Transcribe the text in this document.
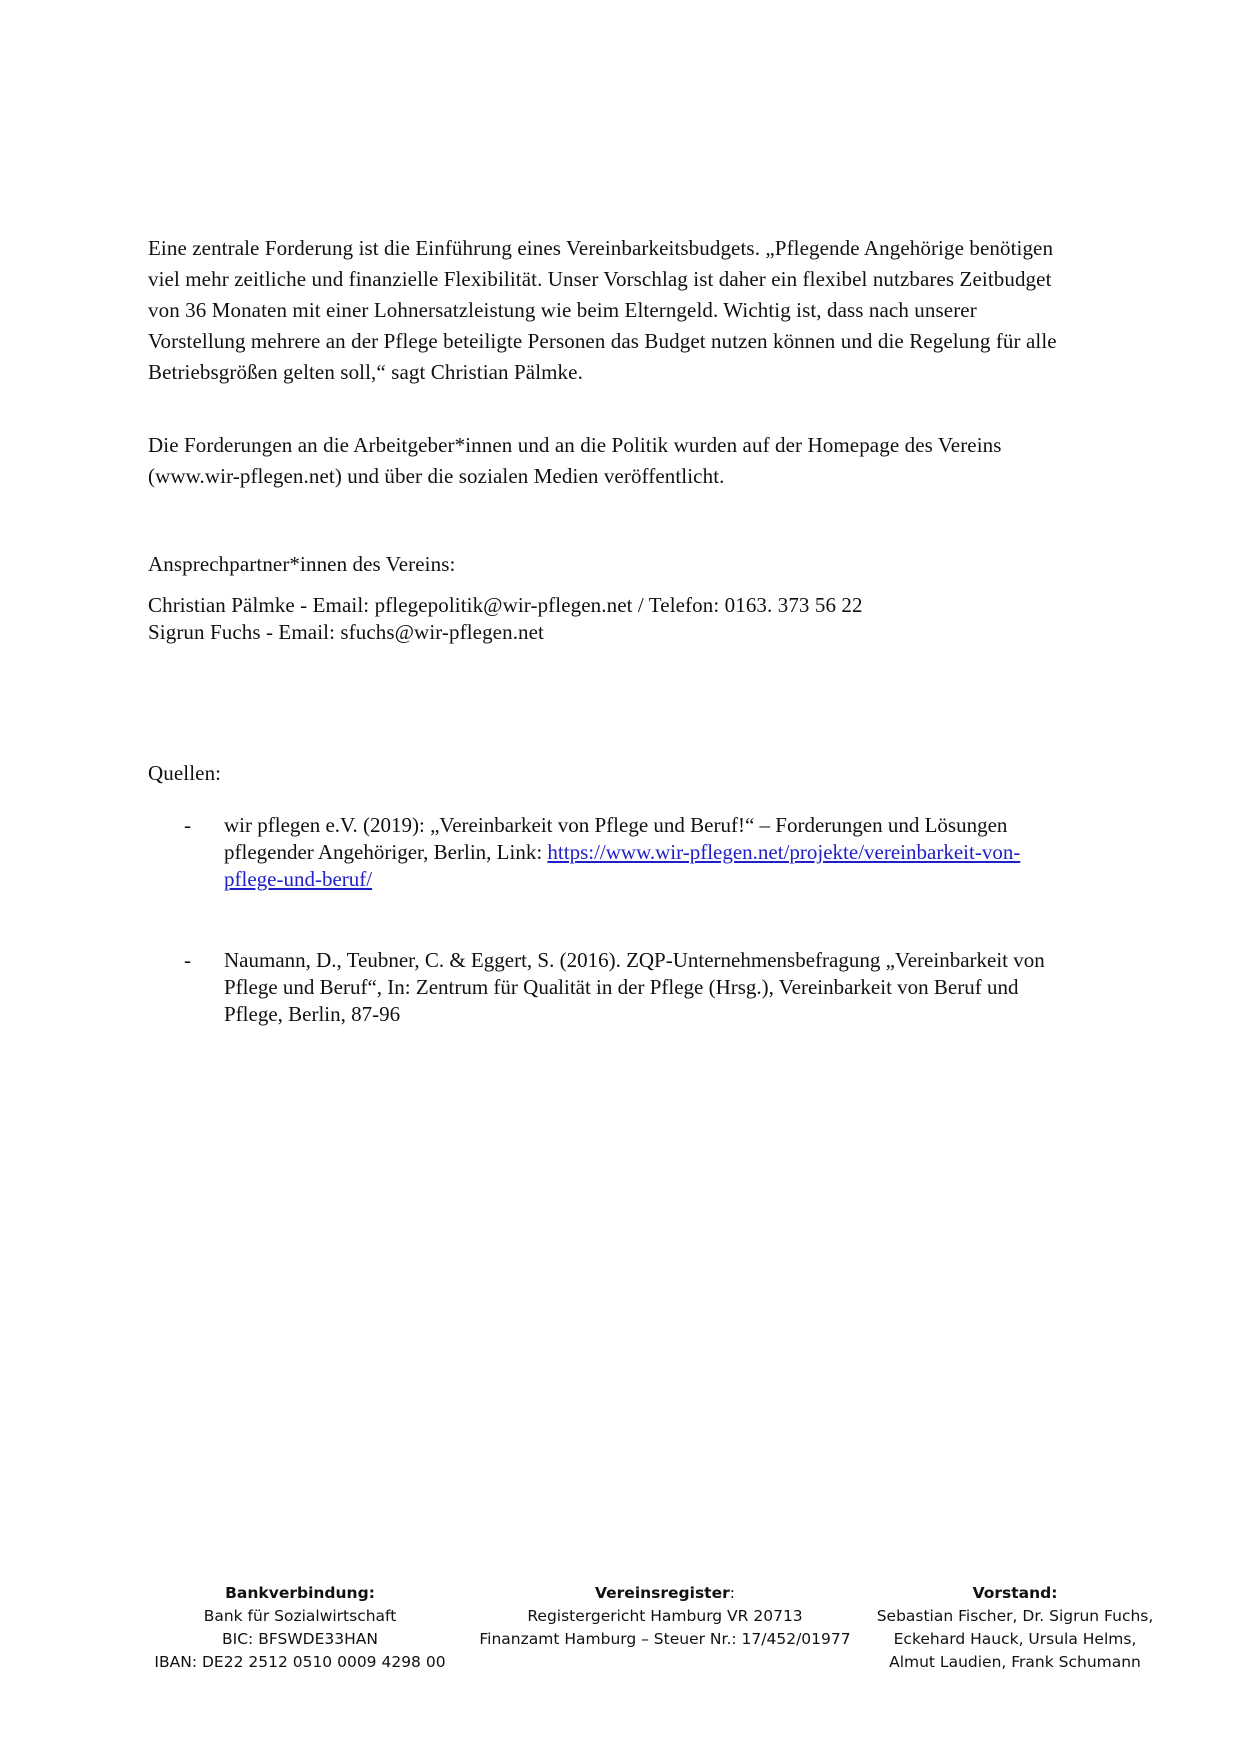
Eine zentrale Forderung ist die Einführung eines Vereinbarkeitsbudgets. „Pflegende Angehörige benötigen viel mehr zeitliche und finanzielle Flexibilität. Unser Vorschlag ist daher ein flexibel nutzbares Zeitbudget von 36 Monaten mit einer Lohnersatzleistung wie beim Elterngeld. Wichtig ist, dass nach unserer Vorstellung mehrere an der Pflege beteiligte Personen das Budget nutzen können und die Regelung für alle Betriebsgrößen gelten soll,“ sagt Christian Pälmke.

Die Forderungen an die Arbeitgeber*innen und an die Politik wurden auf der Homepage des Vereins (www.wir-pflegen.net) und über die sozialen Medien veröffentlicht.

Ansprechpartner*innen des Vereins:
Christian Pälmke - Email: pflegepolitik@wir-pflegen.net / Telefon: 0163. 373 56 22
Sigrun Fuchs - Email: sfuchs@wir-pflegen.net
Quellen:
- wir pflegen e.V. (2019): „Vereinbarkeit von Pflege und Beruf!“ – Forderungen und Lösungen pflegender Angehöriger, Berlin, Link: https://www.wir-pflegen.net/projekte/vereinbarkeit-von-pflege-und-beruf/
- Naumann, D., Teubner, C. & Eggert, S. (2016). ZQP-Unternehmensbefragung „Vereinbarkeit von Pflege und Beruf“, In: Zentrum für Qualität in der Pflege (Hrsg.), Vereinbarkeit von Beruf und Pflege, Berlin, 87-96
Bankverbindung:
Bank für Sozialwirtschaft
BIC: BFSWDE33HAN
IBAN: DE22 2512 0510 0009 4298 00
Vereinsregister:
Registergericht Hamburg VR 20713
Finanzamt Hamburg – Steuer Nr.: 17/452/01977
Vorstand:
Sebastian Fischer, Dr. Sigrun Fuchs,
Eckehard Hauck, Ursula Helms,
Almut Laudien, Frank Schumann
